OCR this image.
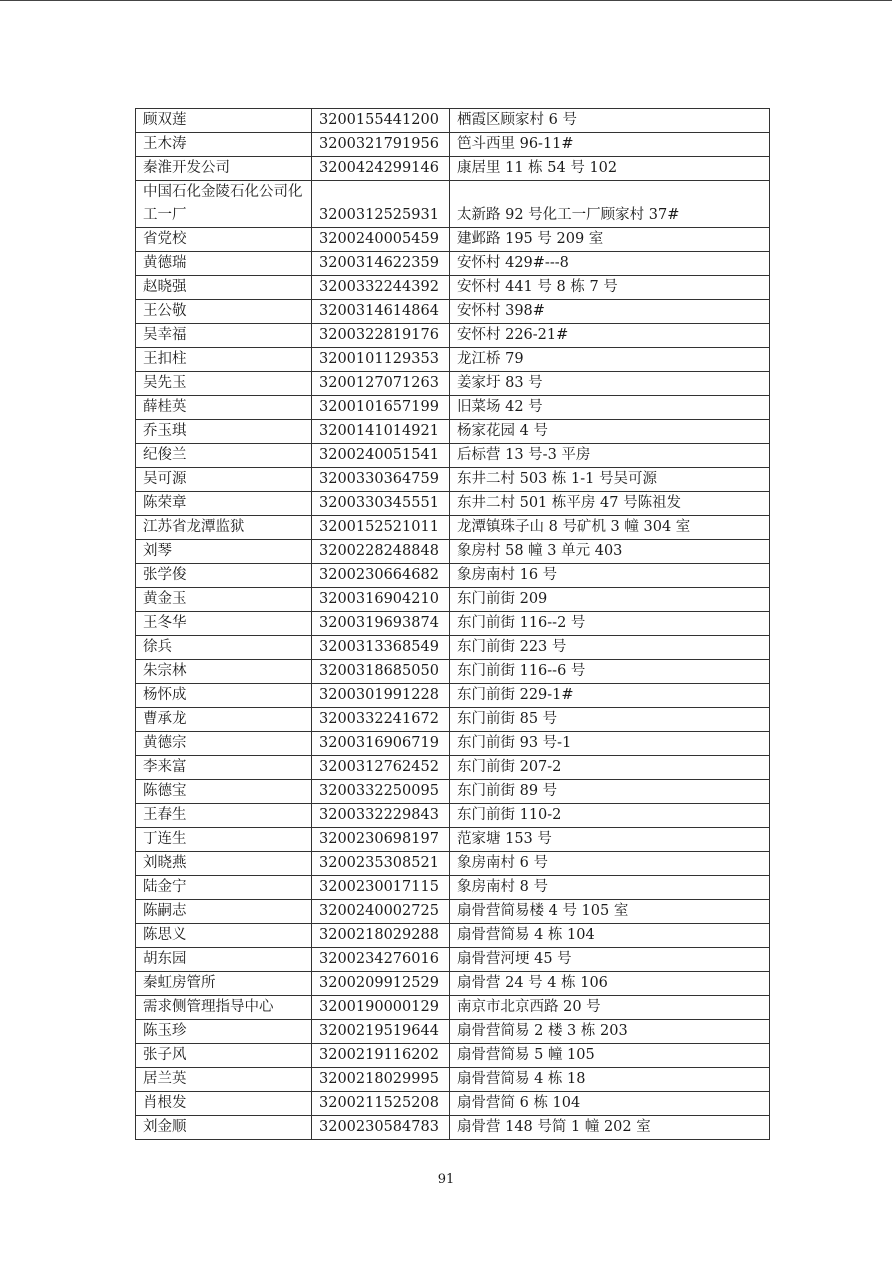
顾双莲	3200155441200	栖霞区顾家村 6 号
王木涛	3200321791956	笆斗西里 96-11#
秦淮开发公司	3200424299146	康居里 11 栋 54 号 102
中国石化金陵石化公司化工一厂	3200312525931	太新路 92 号化工一厂顾家村 37#
省党校	3200240005459	建邺路 195 号 209 室
黄德瑞	3200314622359	安怀村 429#---8
赵晓强	3200332244392	安怀村 441 号 8 栋 7 号
王公敬	3200314614864	安怀村 398#
吴幸福	3200322819176	安怀村 226-21#
王扣柱	3200101129353	龙江桥 79
吴先玉	3200127071263	姜家圩 83 号
薛桂英	3200101657199	旧菜场 42 号
乔玉琪	3200141014921	杨家花园 4 号
纪俊兰	3200240051541	后标营 13 号-3 平房
吴可源	3200330364759	东井二村 503 栋 1-1 号吴可源
陈荣章	3200330345551	东井二村 501 栋平房 47 号陈祖发
江苏省龙潭监狱	3200152521011	龙潭镇珠子山 8 号矿机 3 幢 304 室
刘琴	3200228248848	象房村 58 幢 3 单元 403
张学俊	3200230664682	象房南村 16 号
黄金玉	3200316904210	东门前街 209
王冬华	3200319693874	东门前街 116--2 号
徐兵	3200313368549	东门前街 223 号
朱宗林	3200318685050	东门前街 116--6 号
杨怀成	3200301991228	东门前街 229-1#
曹承龙	3200332241672	东门前街 85 号
黄德宗	3200316906719	东门前街 93 号-1
李来富	3200312762452	东门前街 207-2
陈德宝	3200332250095	东门前街 89 号
王春生	3200332229843	东门前街 110-2
丁连生	3200230698197	范家塘 153 号
刘晓燕	3200235308521	象房南村 6 号
陆金宁	3200230017115	象房南村 8 号
陈嗣志	3200240002725	扇骨营简易楼 4 号 105 室
陈思义	3200218029288	扇骨营简易 4 栋 104
胡东园	3200234276016	扇骨营河埂 45 号
秦虹房管所	3200209912529	扇骨营 24 号 4 栋 106
需求侧管理指导中心	3200190000129	南京市北京西路 20 号
陈玉珍	3200219519644	扇骨营简易 2 楼 3 栋 203
张子风	3200219116202	扇骨营简易 5 幢 105
居兰英	3200218029995	扇骨营简易 4 栋 18
肖根发	3200211525208	扇骨营简 6 栋 104
刘金顺	3200230584783	扇骨营 148 号简 1 幢 202 室
91
